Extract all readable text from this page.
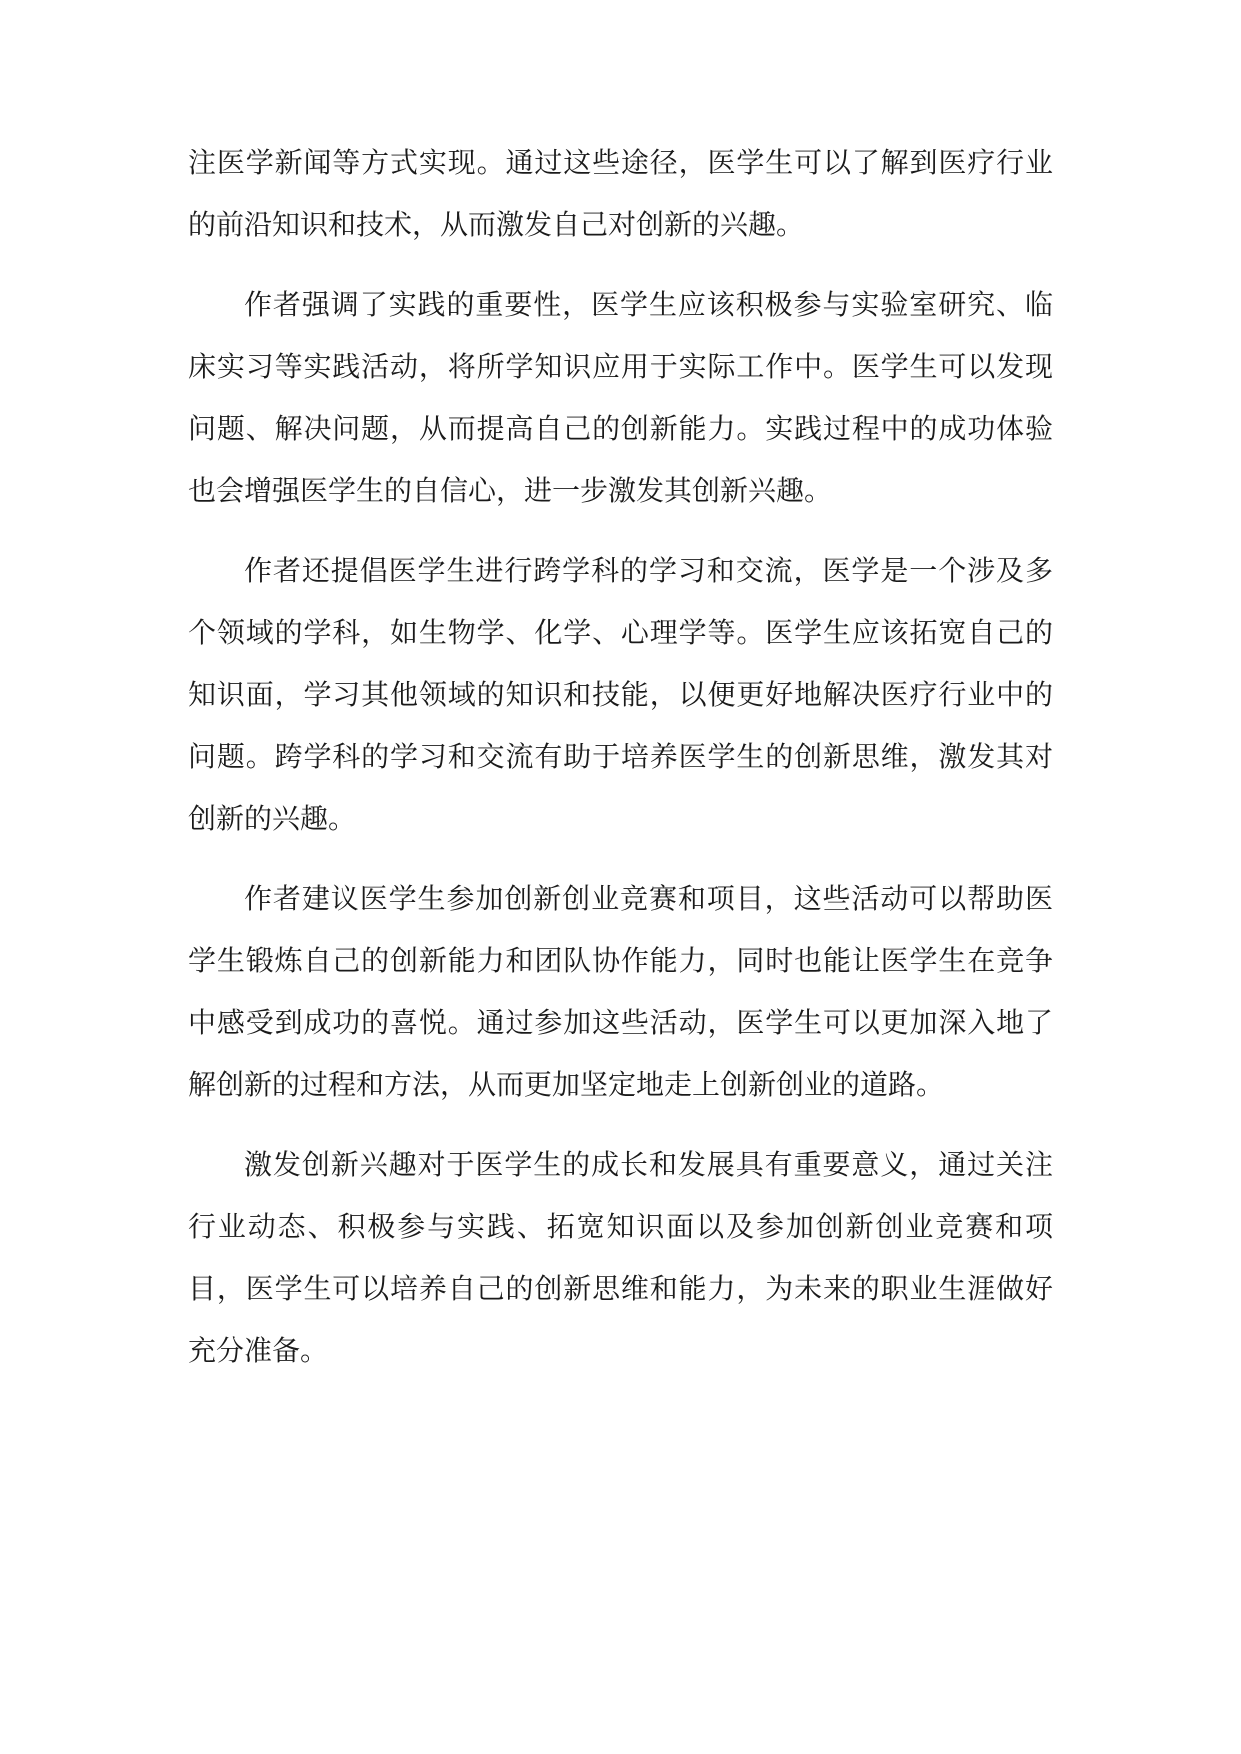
注医学新闻等方式实现。通过这些途径，医学生可以了解到医疗行业的前沿知识和技术，从而激发自己对创新的兴趣。

作者强调了实践的重要性，医学生应该积极参与实验室研究、临床实习等实践活动，将所学知识应用于实际工作中。医学生可以发现问题、解决问题，从而提高自己的创新能力。实践过程中的成功体验也会增强医学生的自信心，进一步激发其创新兴趣。

作者还提倡医学生进行跨学科的学习和交流，医学是一个涉及多个领域的学科，如生物学、化学、心理学等。医学生应该拓宽自己的知识面，学习其他领域的知识和技能，以便更好地解决医疗行业中的问题。跨学科的学习和交流有助于培养医学生的创新思维，激发其对创新的兴趣。

作者建议医学生参加创新创业竞赛和项目，这些活动可以帮助医学生锻炼自己的创新能力和团队协作能力，同时也能让医学生在竞争中感受到成功的喜悦。通过参加这些活动，医学生可以更加深入地了解创新的过程和方法，从而更加坚定地走上创新创业的道路。

激发创新兴趣对于医学生的成长和发展具有重要意义，通过关注行业动态、积极参与实践、拓宽知识面以及参加创新创业竞赛和项目，医学生可以培养自己的创新思维和能力，为未来的职业生涯做好充分准备。
